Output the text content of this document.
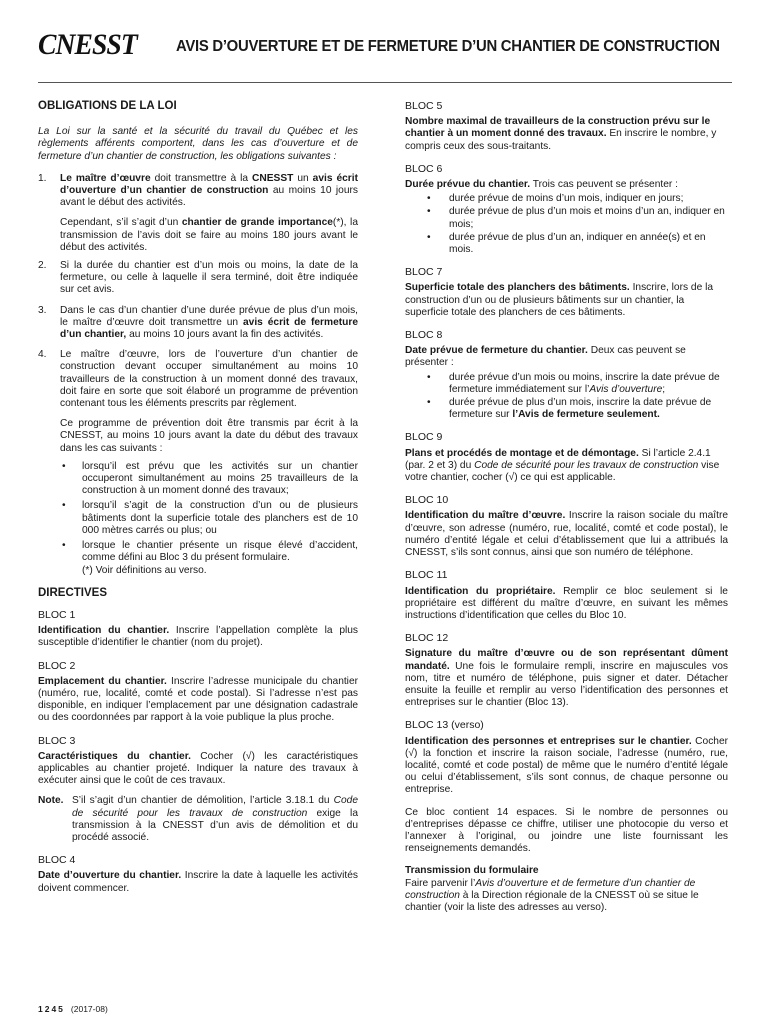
CNESST AVIS D’OUVERTURE ET DE FERMETURE D’UN CHANTIER DE CONSTRUCTION
OBLIGATIONS DE LA LOI

La Loi sur la santé et la sécurité du travail du Québec et les règlements afférents comportent, dans les cas d’ouverture et de fermeture d’un chantier de construction, les obligations suivantes :

1. Le maître d’œuvre doit transmettre à la CNESST un avis écrit d’ouverture d’un chantier de construction au moins 10 jours avant le début des activités.
Cependant, s’il s’agit d’un chantier de grande importance(*), la transmission de l’avis doit se faire au moins 180 jours avant le début des activités.
2. Si la durée du chantier est d’un mois ou moins, la date de la fermeture, ou celle à laquelle il sera terminé, doit être indiquée sur cet avis.
3. Dans le cas d’un chantier d’une durée prévue de plus d’un mois, le maître d’œuvre doit transmettre un avis écrit de fermeture d’un chantier, au moins 10 jours avant la fin des activités.
4. Le maître d’œuvre, lors de l’ouverture d’un chantier de construction devant occuper simultanément au moins 10 travailleurs de la construction à un moment donné des travaux, doit faire en sorte que soit élaboré un programme de prévention contenant tous les éléments prescrits par règlement.
Ce programme de prévention doit être transmis par écrit à la CNESST, au moins 10 jours avant la date du début des travaux dans les cas suivants :
• lorsqu’il est prévu que les activités sur un chantier occuperont simultanément au moins 25 travailleurs de la construction à un moment donné des travaux;
• lorsqu’il s’agit de la construction d’un ou de plusieurs bâtiments dont la superficie totale des planchers est de 10 000 mètres carrés ou plus; ou
• lorsque le chantier présente un risque élevé d’accident, comme défini au Bloc 3 du présent formulaire.
(*) Voir définitions au verso.
DIRECTIVES
BLOC 1

Identification du chantier. Inscrire l’appellation complète la plus susceptible d’identifier le chantier (nom du projet).

BLOC 2

Emplacement du chantier. Inscrire l’adresse municipale du chantier (numéro, rue, localité, comté et code postal). Si l’adresse n’est pas disponible, en indiquer l’emplacement par une désignation cadastrale ou des coordonnées par rapport à la voie publique la plus proche.

BLOC 3

Caractéristiques du chantier. Cocher (√) les caractéristiques applicables au chantier projeté. Indiquer la nature des travaux à exécuter ainsi que le coût de ces travaux.

Note. S’il s’agit d’un chantier de démolition, l’article 3.18.1 du Code de sécurité pour les travaux de construction exige la transmission à la CNESST d’un avis de démolition et du procédé associé.
BLOC 4

Date d’ouverture du chantier. Inscrire la date à laquelle les activités doivent commencer.

BLOC 5

Nombre maximal de travailleurs de la construction prévu sur le chantier à un moment donné des travaux. En inscrire le nombre, y compris ceux des sous-traitants.

BLOC 6

Durée prévue du chantier. Trois cas peuvent se présenter :

• durée prévue de moins d’un mois, indiquer en jours;
• durée prévue de plus d’un mois et moins d’un an, indiquer en mois;
• durée prévue de plus d’un an, indiquer en année(s) et en mois.
BLOC 7

Superficie totale des planchers des bâtiments. Inscrire, lors de la construction d’un ou de plusieurs bâtiments sur un chantier, la superficie totale des planchers de ces bâtiments.

BLOC 8

Date prévue de fermeture du chantier. Deux cas peuvent se présenter :

• durée prévue d’un mois ou moins, inscrire la date prévue de fermeture immédiatement sur l’Avis d’ouverture;
• durée prévue de plus d’un mois, inscrire la date prévue de fermeture sur l’Avis de fermeture seulement.
BLOC 9

Plans et procédés de montage et de démontage. Si l’article 2.4.1 (par. 2 et 3) du Code de sécurité pour les travaux de construction vise votre chantier, cocher (√) ce qui est applicable.

BLOC 10

Identification du maître d’œuvre. Inscrire la raison sociale du maître d’œuvre, son adresse (numéro, rue, localité, comté et code postal), le numéro d’entité légale et celui d’établissement que lui a attribués la CNESST, s’ils sont connus, ainsi que son numéro de téléphone.

BLOC 11

Identification du propriétaire. Remplir ce bloc seulement si le propriétaire est différent du maître d’œuvre, en suivant les mêmes instructions d’identification que celles du Bloc 10.

BLOC 12

Signature du maître d’œuvre ou de son représentant dûment mandaté. Une fois le formulaire rempli, inscrire en majuscules vos nom, titre et numéro de téléphone, puis signer et dater. Détacher ensuite la feuille et remplir au verso l’identification des personnes et entreprises sur le chantier (Bloc 13).

BLOC 13 (verso)

Identification des personnes et entreprises sur le chantier. Cocher (√) la fonction et inscrire la raison sociale, l’adresse (numéro, rue, localité, comté et code postal) de même que le numéro d’entité légale ou celui d’établissement, s’ils sont connus, de chaque personne ou entreprise.

Ce bloc contient 14 espaces. Si le nombre de personnes ou d’entreprises dépasse ce chiffre, utiliser une photocopie du verso et l’annexer à l’original, ou joindre une liste fournissant les renseignements demandés.

Transmission du formulaire

Faire parvenir l’Avis d’ouverture et de fermeture d’un chantier de construction à la Direction régionale de la CNESST où se situe le chantier (voir la liste des adresses au verso).

1245 (2017-08)
